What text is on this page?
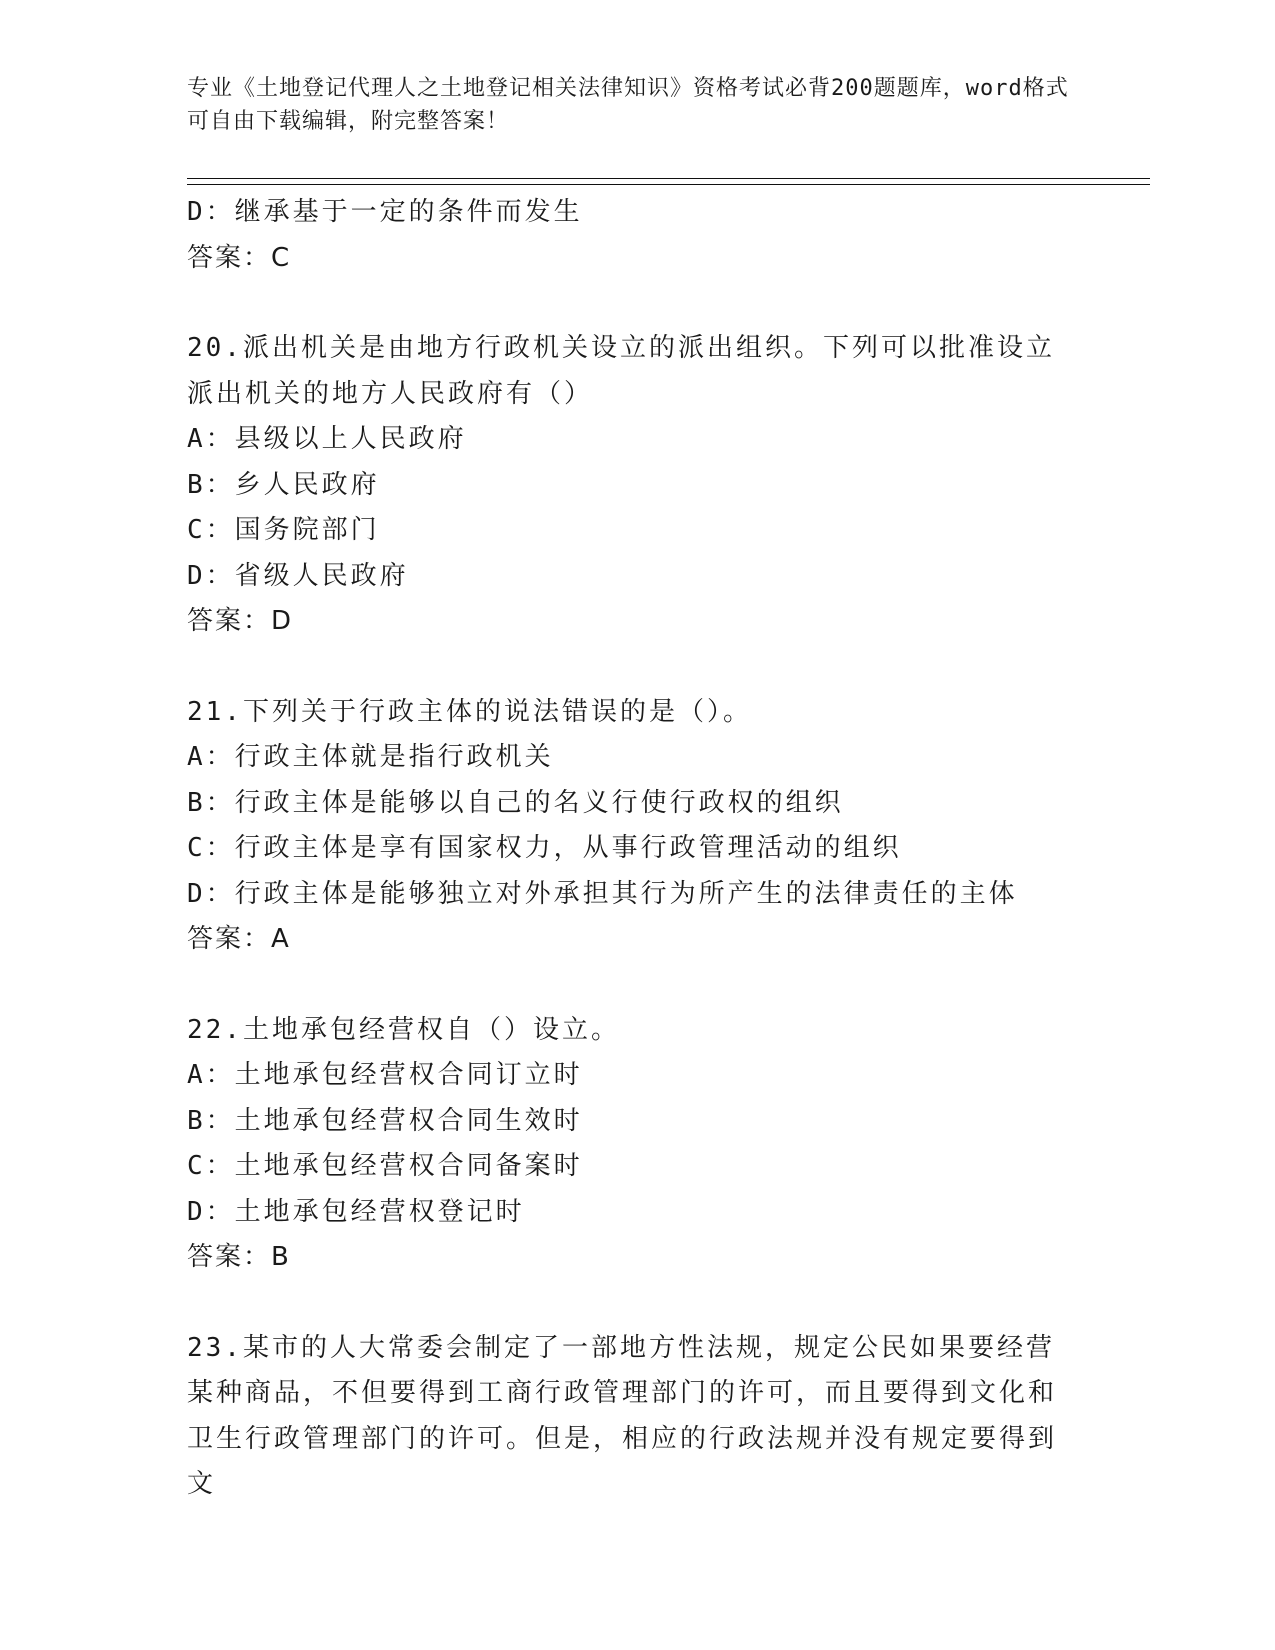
专业《土地登记代理人之土地登记相关法律知识》资格考试必背200题题库，word格式可自由下载编辑，附完整答案！
D：继承基于一定的条件而发生
答案：C
20.派出机关是由地方行政机关设立的派出组织。下列可以批准设立派出机关的地方人民政府有（）
A：县级以上人民政府
B：乡人民政府
C：国务院部门
D：省级人民政府
答案：D
21.下列关于行政主体的说法错误的是（）。
A：行政主体就是指行政机关
B：行政主体是能够以自己的名义行使行政权的组织
C：行政主体是享有国家权力，从事行政管理活动的组织
D：行政主体是能够独立对外承担其行为所产生的法律责任的主体
答案：A
22.土地承包经营权自（）设立。
A：土地承包经营权合同订立时
B：土地承包经营权合同生效时
C：土地承包经营权合同备案时
D：土地承包经营权登记时
答案：B
23.某市的人大常委会制定了一部地方性法规，规定公民如果要经营某种商品，不但要得到工商行政管理部门的许可，而且要得到文化和卫生行政管理部门的许可。但是，相应的行政法规并没有规定要得到文
